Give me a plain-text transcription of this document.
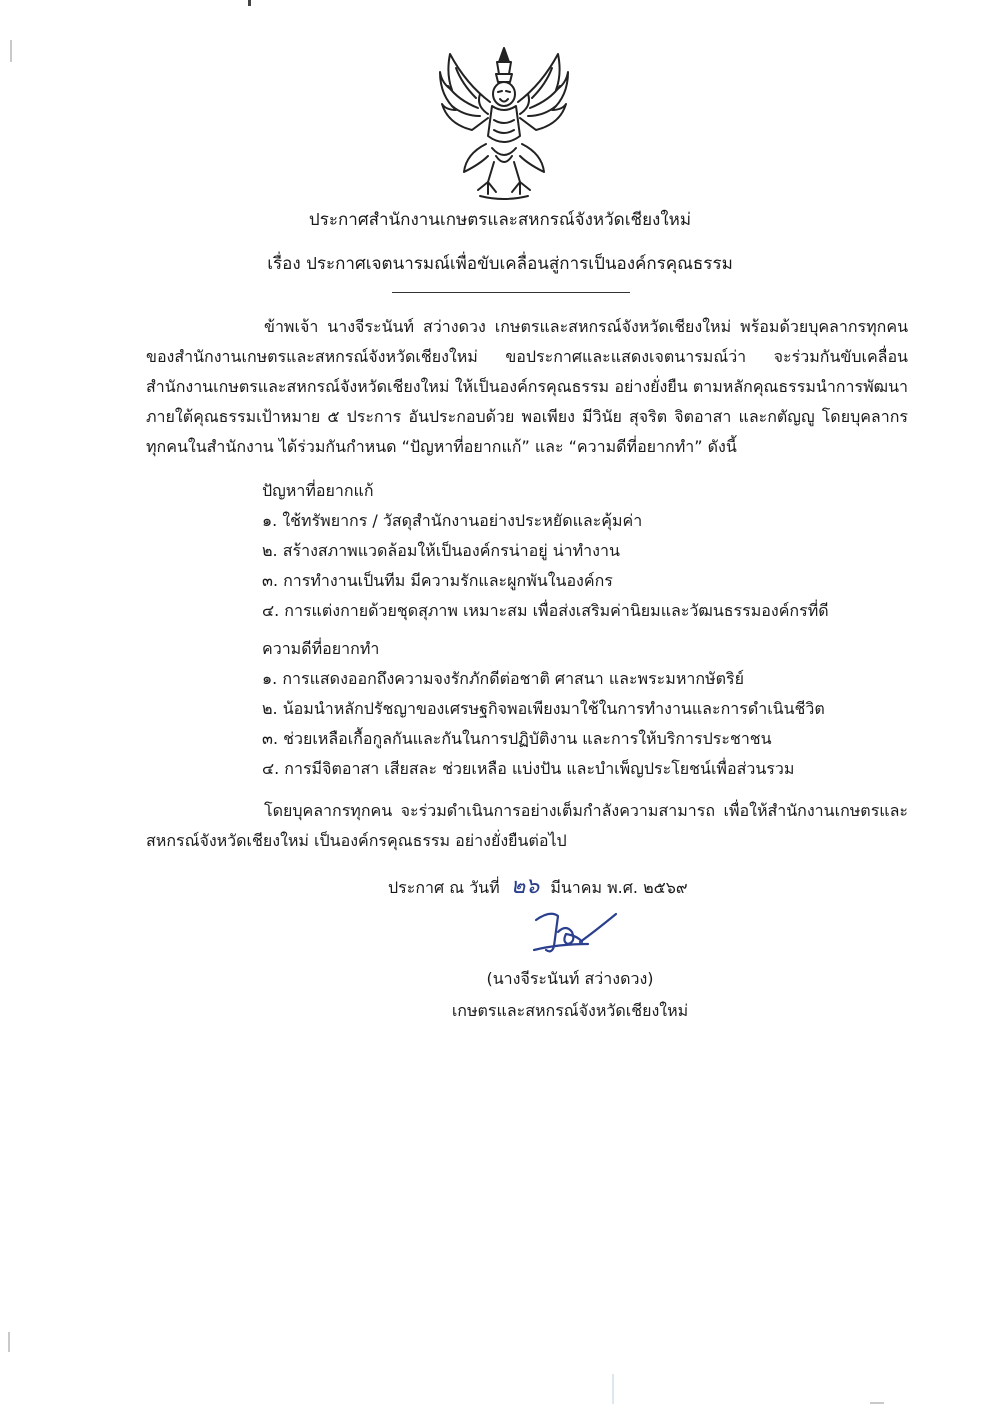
ประกาศสำนักงานเกษตรและสหกรณ์จังหวัดเชียงใหม่
เรื่อง ประกาศเจตนารมณ์เพื่อขับเคลื่อนสู่การเป็นองค์กรคุณธรรม
ข้าพเจ้า นางจีระนันท์ สว่างดวง เกษตรและสหกรณ์จังหวัดเชียงใหม่ พร้อมด้วยบุคลากรทุกคนของสำนักงานเกษตรและสหกรณ์จังหวัดเชียงใหม่ ขอประกาศและแสดงเจตนารมณ์ว่า จะร่วมกันขับเคลื่อนสำนักงานเกษตรและสหกรณ์จังหวัดเชียงใหม่ ให้เป็นองค์กรคุณธรรม อย่างยั่งยืน ตามหลักคุณธรรมนำการพัฒนา ภายใต้คุณธรรมเป้าหมาย ๕ ประการ อันประกอบด้วย พอเพียง มีวินัย สุจริต จิตอาสา และกตัญญู โดยบุคลากรทุกคนในสำนักงาน ได้ร่วมกันกำหนด “ปัญหาที่อยากแก้” และ “ความดีที่อยากทำ” ดังนี้
ปัญหาที่อยากแก้
๑. ใช้ทรัพยากร / วัสดุสำนักงานอย่างประหยัดและคุ้มค่า
๒. สร้างสภาพแวดล้อมให้เป็นองค์กรน่าอยู่ น่าทำงาน
๓. การทำงานเป็นทีม มีความรักและผูกพันในองค์กร
๔. การแต่งกายด้วยชุดสุภาพ เหมาะสม เพื่อส่งเสริมค่านิยมและวัฒนธรรมองค์กรที่ดี
ความดีที่อยากทำ
๑. การแสดงออกถึงความจงรักภักดีต่อชาติ ศาสนา และพระมหากษัตริย์
๒. น้อมนำหลักปรัชญาของเศรษฐกิจพอเพียงมาใช้ในการทำงานและการดำเนินชีวิต
๓. ช่วยเหลือเกื้อกูลกันและกันในการปฏิบัติงาน และการให้บริการประชาชน
๔. การมีจิตอาสา เสียสละ ช่วยเหลือ แบ่งปัน และบำเพ็ญประโยชน์เพื่อส่วนรวม
โดยบุคลากรทุกคน จะร่วมดำเนินการอย่างเต็มกำลังความสามารถ เพื่อให้สำนักงานเกษตรและสหกรณ์จังหวัดเชียงใหม่ เป็นองค์กรคุณธรรม อย่างยั่งยืนต่อไป
ประกาศ ณ วันที่ ๒๖ มีนาคม พ.ศ. ๒๕๖๙
(นางจีระนันท์ สว่างดวง)
เกษตรและสหกรณ์จังหวัดเชียงใหม่
